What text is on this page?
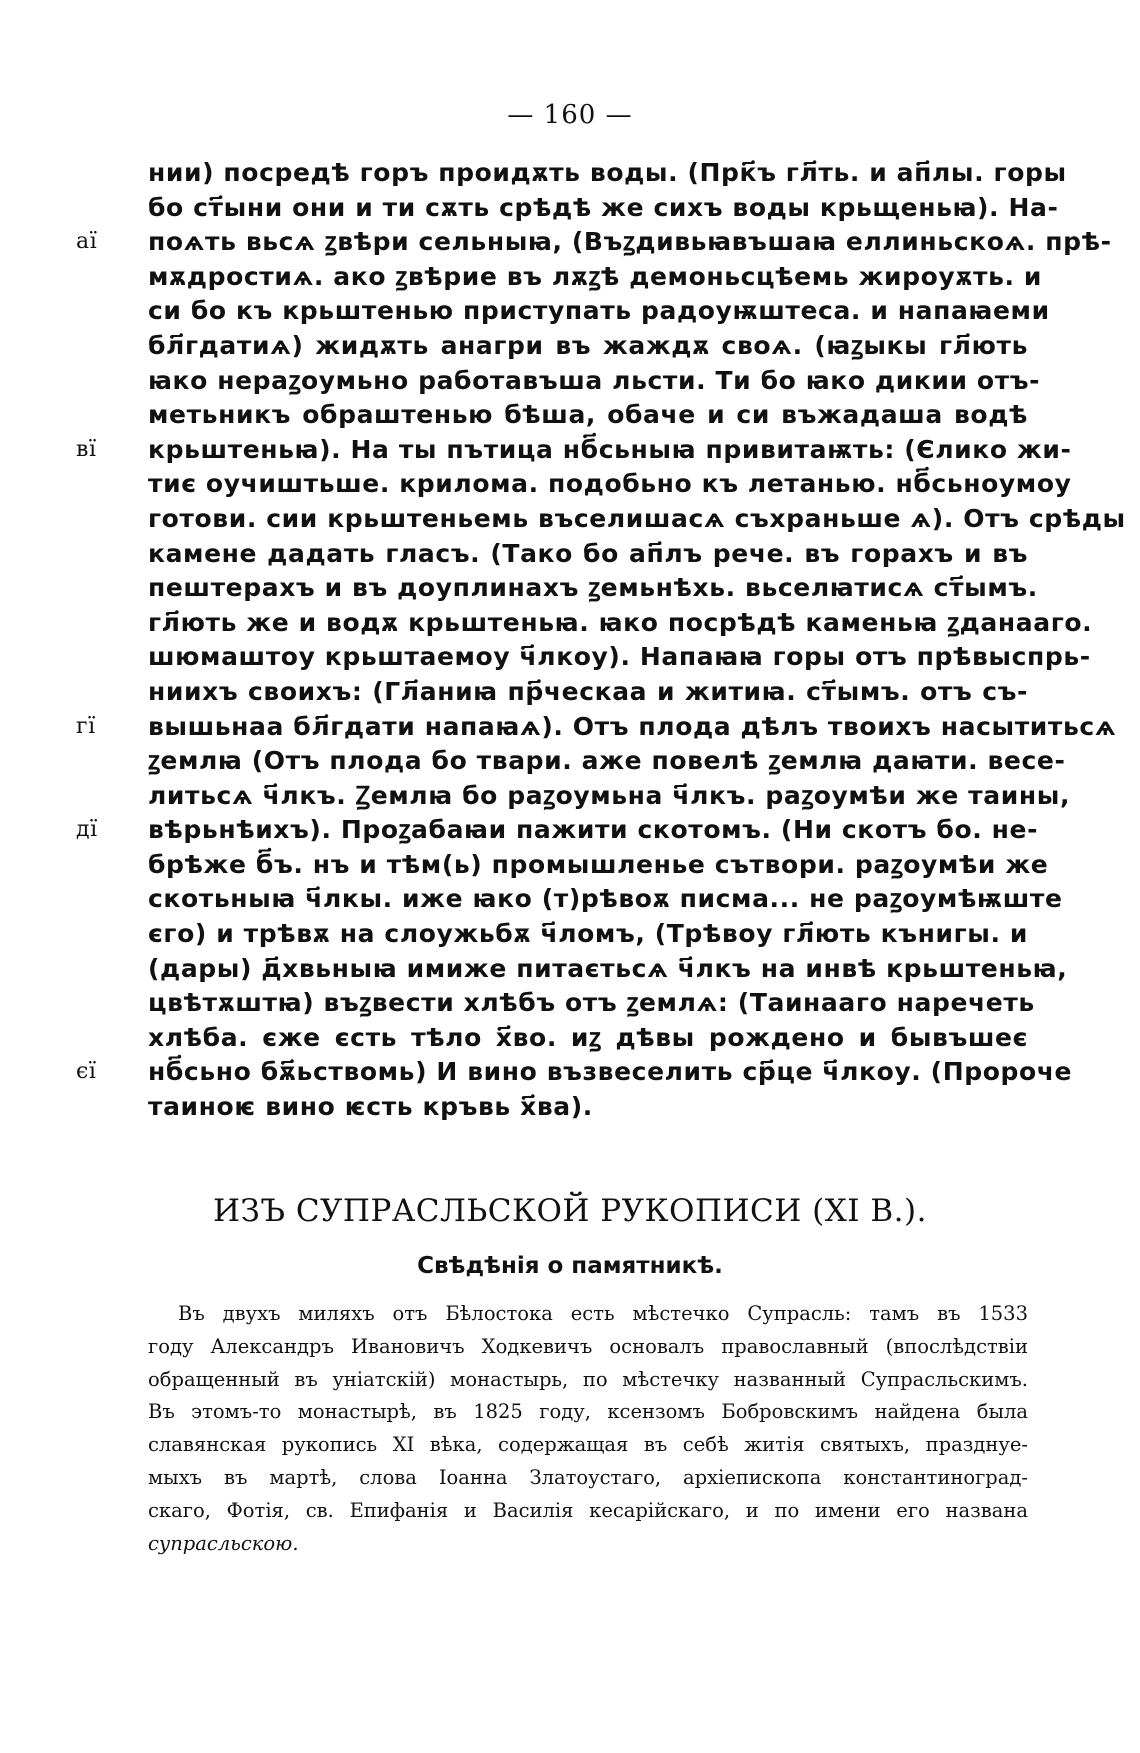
— 160 —
нии) посредѣ горъ проидѫть воды. (Прк҃ъ гл҃ть. и ап҃лы. горы
бо ст҃ыни они и ти сѫть срѣдѣ же сихъ воды крьщеньꙗ). На-
аї	поѧть вьсѧ ꙁвѣри сельныꙗ, (Въꙁдивьꙗвъшаꙗ еллиньскоѧ. прѣ-
мѫдростиѧ. ако ꙁвѣрие въ лѫꙁѣ демоньсцѣемь жироуѫть. и
си бо къ крьштенью приступать радоуѭштеса. и напаꙗеми
бл҃гдатиѧ) жидѫть анагри въ жаждѫ своѧ. (ꙗꙁыкы гл҃ють
ꙗко нераꙁоумьно работавъша льсти. Ти бо ꙗко дикии отъ-
метьникъ обраштенью бѣша, обаче и си въжадаша водѣ
вї	крьштеньꙗ). На ты пътица нб҃сьныꙗ привитаѭть: (Єлико жи-
тиє оучиштьше. крилома. подобьно къ летанью. нб҃сьноумоу
готови. сии крьштеньемь въселишасѧ съхраньше ѧ). Отъ срѣды
камене дадать гласъ. (Тако бо ап҃лъ рече. въ горахъ и въ
пештерахъ и въ доуплинахъ ꙁемьнѣхь. вьселꙗтисѧ ст҃ымъ.
гл҃ють же и водѫ крьштеньꙗ. ꙗко посрѣдѣ каменьꙗ ꙁданааго.
шюмаштоу крьштаемоу ч҃лкоу). Напаꙗꙗ горы отъ прѣвыспрь-
ниихъ своихъ: (Гл҃аниꙗ пр҃ческаа и житиꙗ. ст҃ымъ. отъ съ-
гї	вышьнаа бл҃гдати напаꙗѧ). Отъ плода дѣлъ твоихъ насытитьсѧ
ꙁемлꙗ (Отъ плода бо твари. аже повелѣ ꙁемлꙗ даꙗти. весе-
литьсѧ ч҃лкъ. Ꙁемлꙗ бо раꙁоумьна ч҃лкъ. раꙁоумѣи же таины,
дї	вѣрьнѣихъ). Проꙁабаꙗи пажити скотомъ. (Ни скотъ бо. не-
брѣже б҃ъ. нъ и тѣм(ь) промышленье сътвори. раꙁоумѣи же
скотьныꙗ ч҃лкы. иже ꙗко (т)рѣвоѫ писма... не раꙁоумѣѭште
єго) и трѣвѫ на слоужьбѫ ч҃ломъ, (Трѣвоу гл҃ють кънигы. и
(дары) д҃хвьныꙗ имиже питаєтьсѧ ч҃лкъ на инвѣ крьштеньꙗ,
цвѣтѫштꙗ) въꙁвести хлѣбъ отъ ꙁемлѧ: (Таинааго нарeчeть
хлѣба. єже єсть тѣло х҃во. иꙁ дѣвы рождено и бывъшеє
єї	нб҃сьно бѫ҃ьствомь) И вино възвеселить ср҃це ч҃лкоу. (Пророче
таиноѥ вино ѥсть кръвь х҃ва).
ИЗЪ СУПРАСЛЬСКОЙ РУКОПИСИ (XI В.).
Свѣдѣнія о памятникѣ.
Въ двухъ миляхъ отъ Бѣлостока есть мѣстечко Супрасль: тамъ въ 1533
году Александръ Ивановичъ Ходкевичъ основалъ православный (впослѣдствіи
обращенный въ уніатскій) монастырь, по мѣстечку названный Супрасльскимъ.
Въ этомъ-то монастырѣ, въ 1825 году, ксензомъ Бобровскимъ найдена была
славянская рукопись XI вѣка, содержащая въ себѣ житія святыхъ, празднуе-
мыхъ въ мартѣ, слова Іоанна Златоустаго, архіепископа константиноград-
скаго, Фотія, св. Епифанія и Василія кесарійскаго, и по имени его названа
супрасльскою.
